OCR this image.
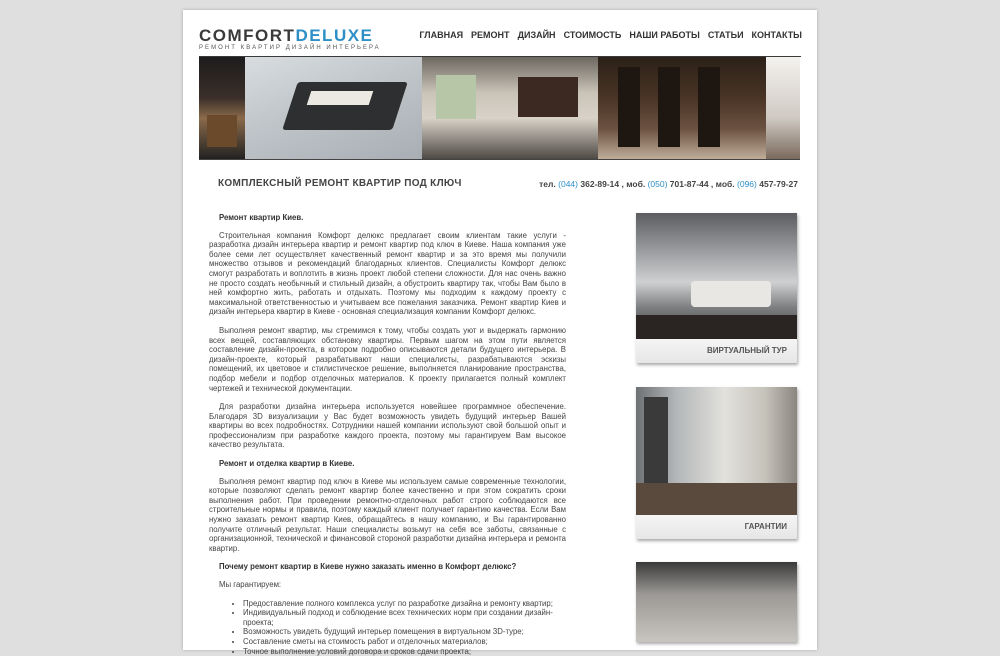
COMFORTDELUXE
РЕМОНТ КВАРТИР ДИЗАЙН ИНТЕРЬЕРА
ГЛАВНАЯ РЕМОНТ ДИЗАЙН СТОИМОСТЬ НАШИ РАБОТЫ СТАТЬИ КОНТАКТЫ
КОМПЛЕКСНЫЙ РЕМОНТ КВАРТИР ПОД КЛЮЧ	тел. (044) 362-89-14 , моб. (050) 701-87-44 , моб. (096) 457-79-27

Ремонт квартир Киев.

Строительная компания Комфорт делюкс предлагает своим клиентам такие услуги - разработка дизайн интерьера квартир и ремонт квартир под ключ в Киеве. Наша компания уже более семи лет осуществляет качественный ремонт квартир и за это время мы получили множество отзывов и рекомендаций благодарных клиентов. Специалисты Комфорт делюкс смогут разработать и воплотить в жизнь проект любой степени сложности. Для нас очень важно не просто создать необычный и стильный дизайн, а обустроить квартиру так, чтобы Вам было в ней комфортно жить, работать и отдыхать. Поэтому мы подходим к каждому проекту с максимальной ответственностью и учитываем все пожелания заказчика. Ремонт квартир Киев и дизайн интерьера квартир в Киеве - основная специализация компании Комфорт делюкс.

Выполняя ремонт квартир, мы стремимся к тому, чтобы создать уют и выдержать гармонию всех вещей, составляющих обстановку квартиры. Первым шагом на этом пути является составление дизайн-проекта, в котором подробно описываются детали будущего интерьера. В дизайн-проекте, который разрабатывают наши специалисты, разрабатываются эскизы помещений, их цветовое и стилистическое решение, выполняется планирование пространства, подбор мебели и подбор отделочных материалов. К проекту прилагается полный комплект чертежей и технической документации.

Для разработки дизайна интерьера используется новейшее программное обеспечение. Благодаря 3D визуализации у Вас будет возможность увидеть будущий интерьер Вашей квартиры во всех подробностях. Сотрудники нашей компании используют свой большой опыт и профессионализм при разработке каждого проекта, поэтому мы гарантируем Вам высокое качество результата.

Ремонт и отделка квартир в Киеве.

Выполняя ремонт квартир под ключ в Киеве мы используем самые современные технологии, которые позволяют сделать ремонт квартир более качественно и при этом сократить сроки выполнения работ. При проведении ремонтно-отделочных работ строго соблюдаются все строительные нормы и правила, поэтому каждый клиент получает гарантию качества. Если Вам нужно заказать ремонт квартир Киев, обращайтесь в нашу компанию, и Вы гарантированно получите отличный результат. Наши специалисты возьмут на себя все заботы, связанные с организационной, технической и финансовой стороной разработки дизайна интерьера и ремонта квартир.

Почему ремонт квартир в Киеве нужно заказать именно в Комфорт делюкс?

Мы гарантируем:

• Предоставление полного комплекса услуг по разработке дизайна и ремонту квартир;
• Индивидуальный подход и соблюдение всех технических норм при создании дизайн-проекта;
• Возможность увидеть будущий интерьер помещения в виртуальном 3D-туре;
• Составление сметы на стоимость работ и отделочных материалов;
• Точное выполнение условий договора и сроков сдачи проекта;
ВИРТУАЛЬНЫЙ ТУР
ГАРАНТИИ
